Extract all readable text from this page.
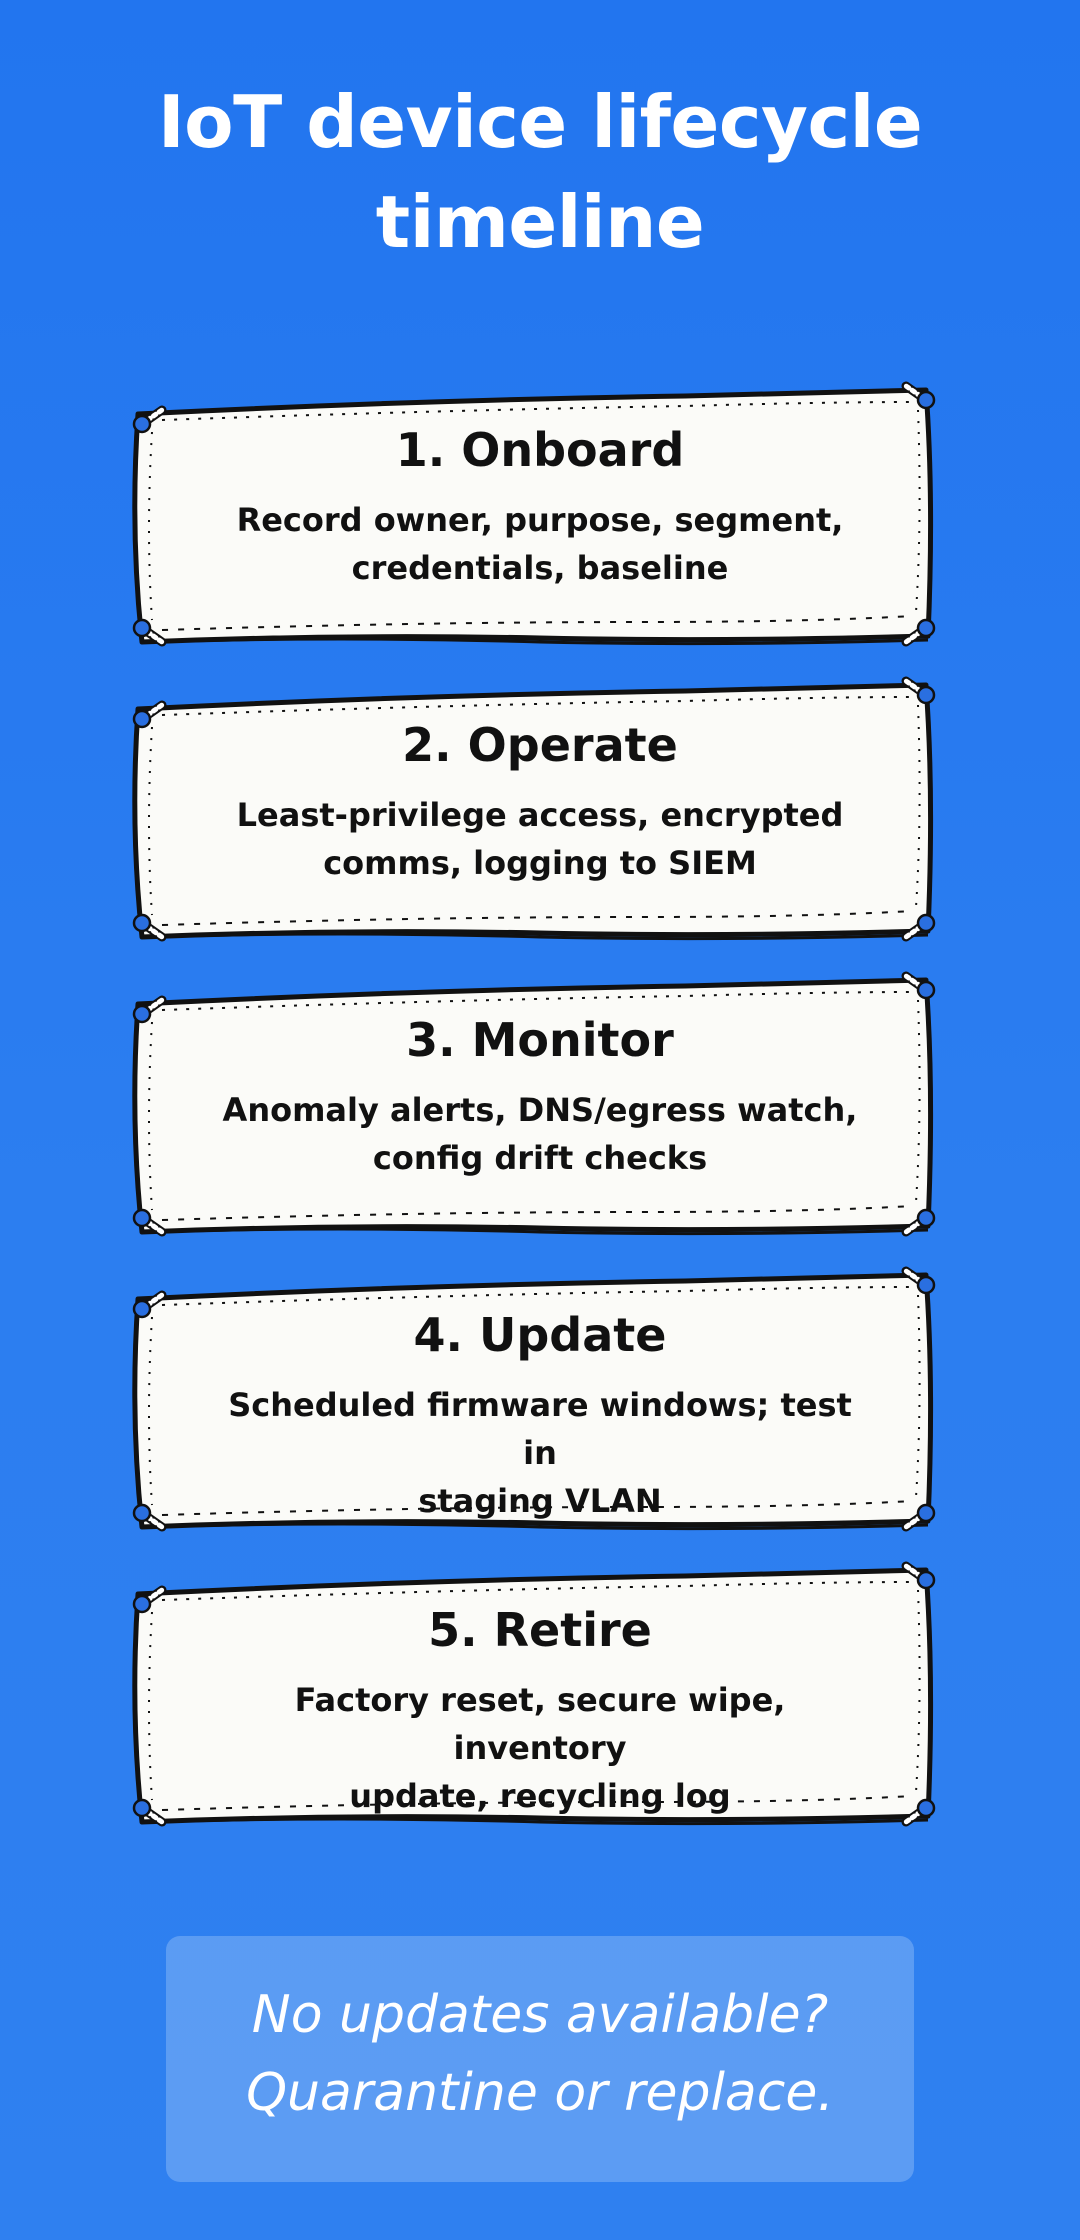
IoT device lifecycle
timeline
1. Onboard
Record owner, purpose, segment,
credentials, baseline
2. Operate
Least-privilege access, encrypted
comms, logging to SIEM
3. Monitor
Anomaly alerts, DNS/egress watch,
config drift checks
4. Update
Scheduled firmware windows; test in
staging VLAN
5. Retire
Factory reset, secure wipe, inventory
update, recycling log
No updates available?
Quarantine or replace.
